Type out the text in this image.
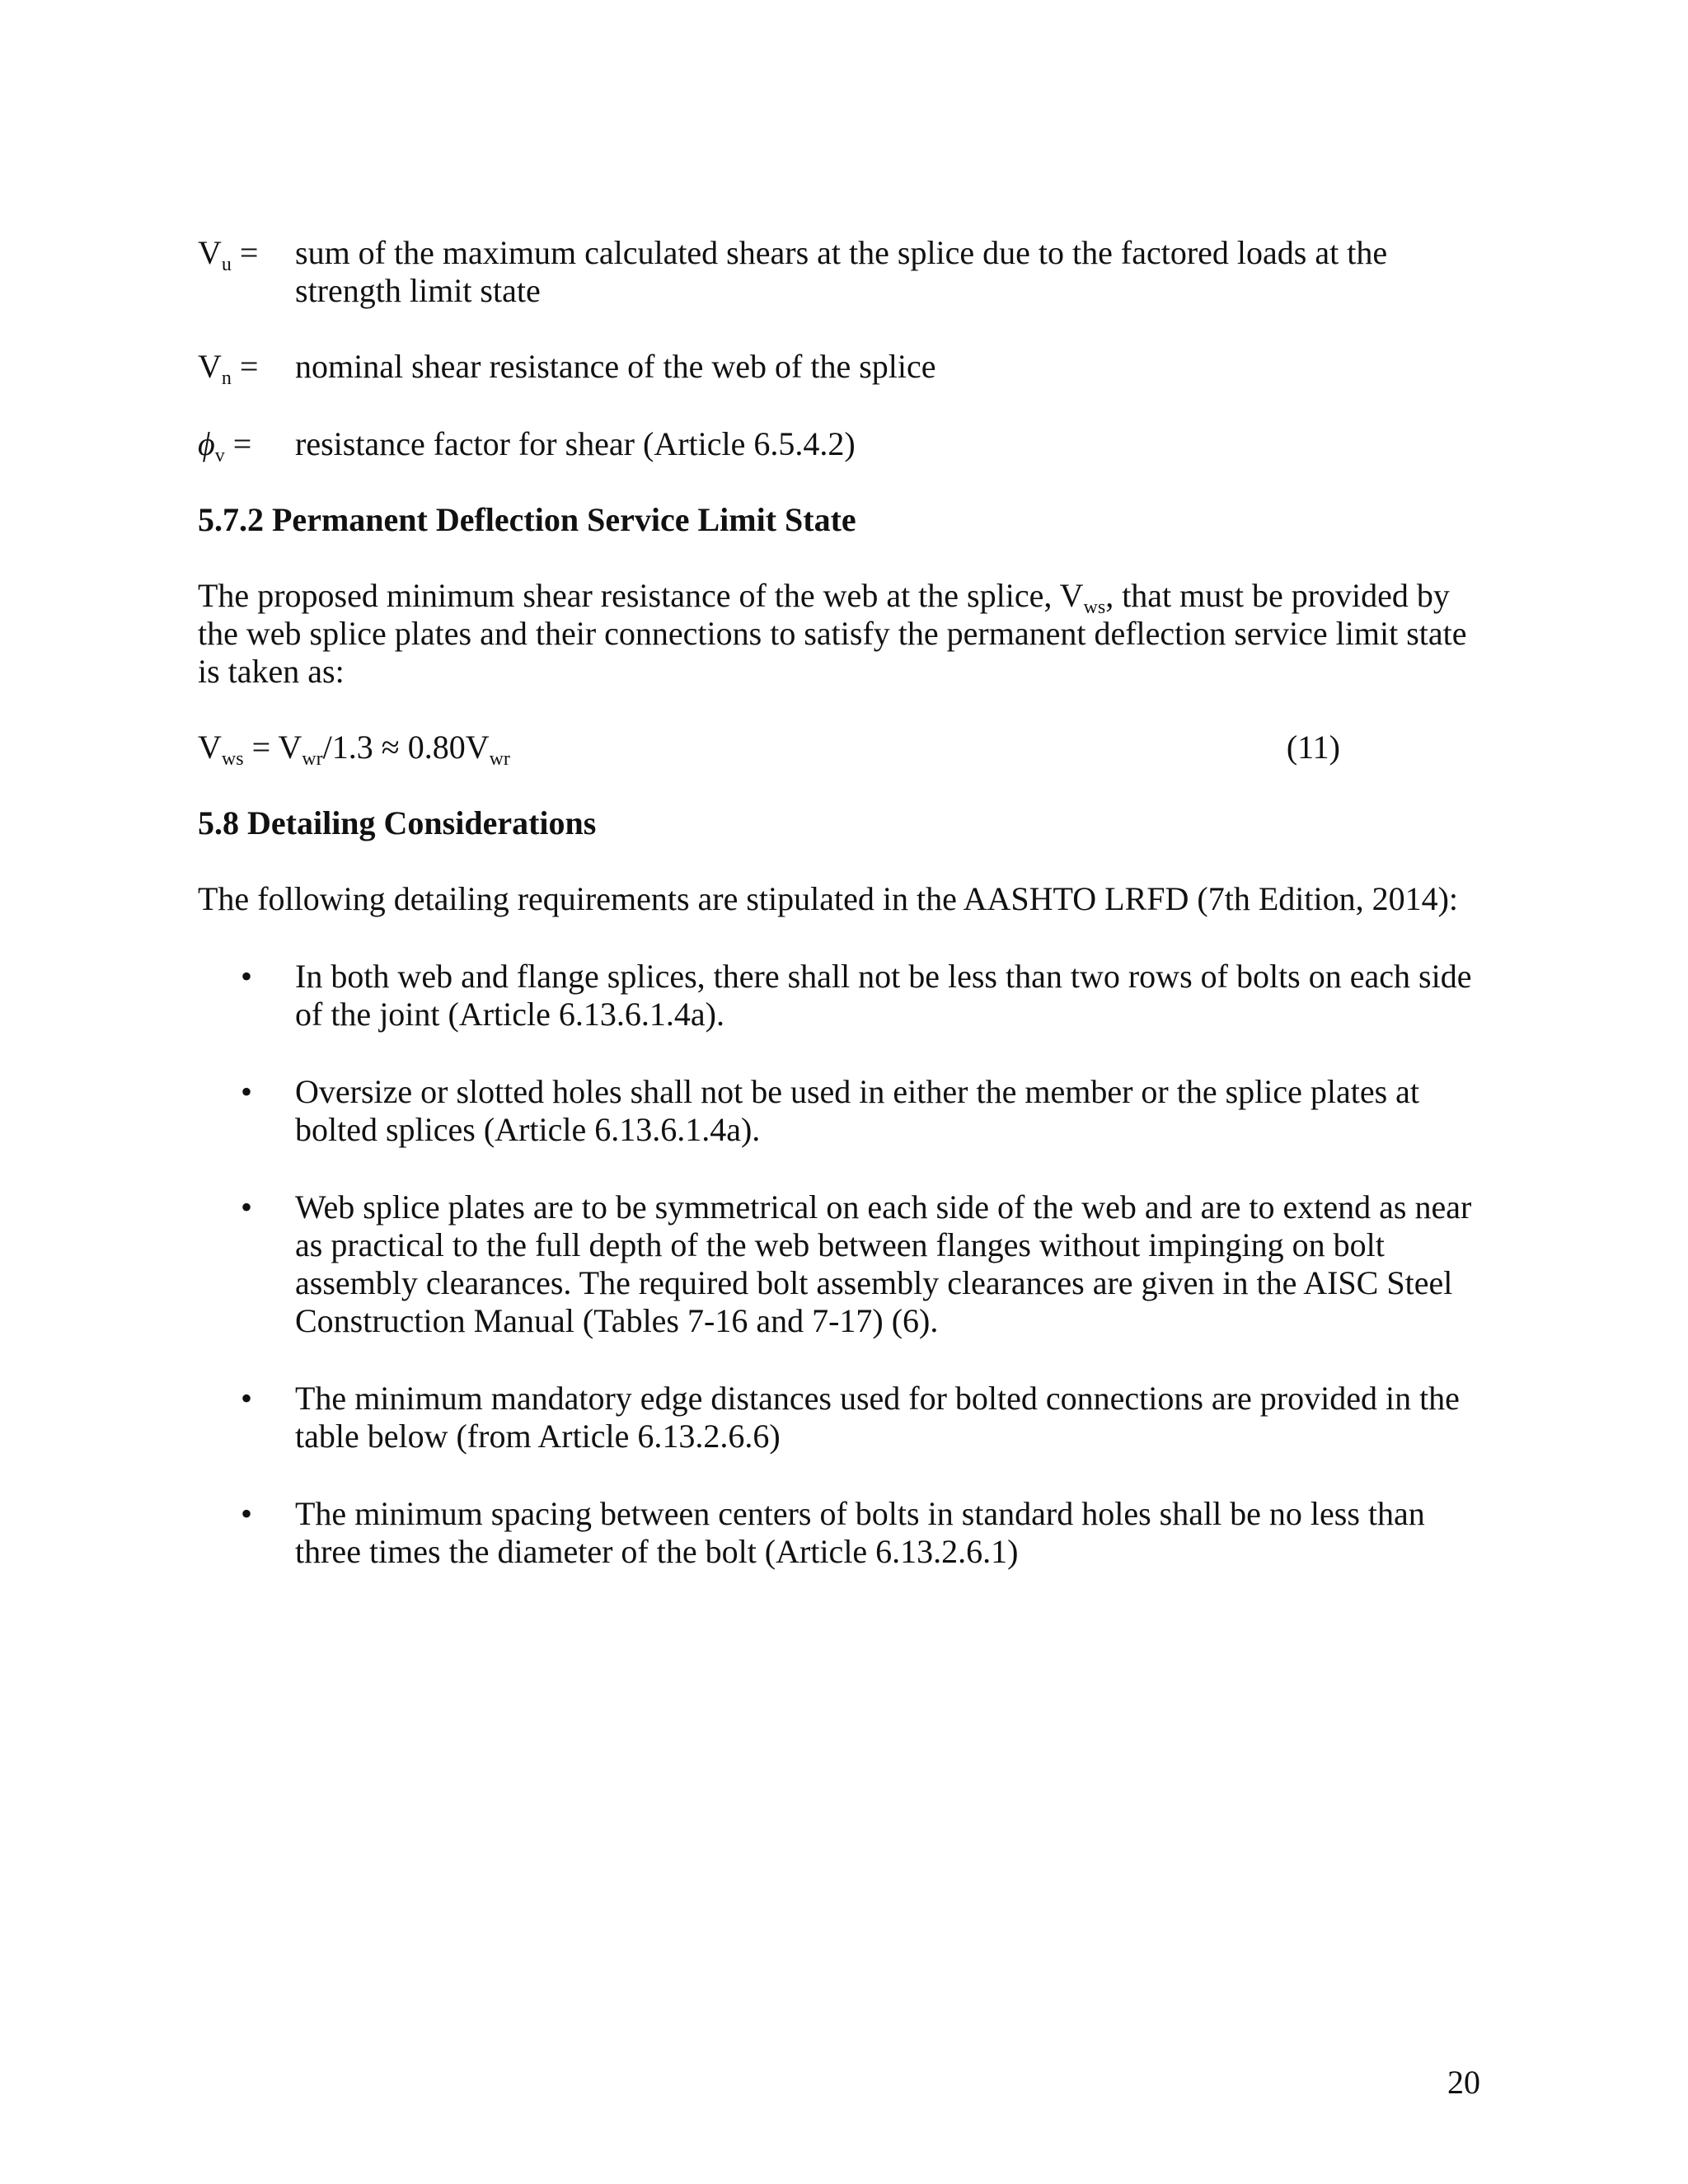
$V_u$ =	sum of the maximum calculated shears at the splice due to the factored loads at the strength limit state
$V_n$ =	nominal shear resistance of the web of the splice
$\phi_v$ =	resistance factor for shear (Article 6.5.4.2)
5.7.2 Permanent Deflection Service Limit State
The proposed minimum shear resistance of the web at the splice, $V_{ws}$, that must be provided by the web splice plates and their connections to satisfy the permanent deflection service limit state is taken as:
$V_{ws} = V_{wr}/1.3 \approx 0.80V_{wr}$	(11)
5.8 Detailing Considerations
The following detailing requirements are stipulated in the AASHTO LRFD (7th Edition, 2014):
• In both web and flange splices, there shall not be less than two rows of bolts on each side of the joint (Article 6.13.6.1.4a).
• Oversize or slotted holes shall not be used in either the member or the splice plates at bolted splices (Article 6.13.6.1.4a).
• Web splice plates are to be symmetrical on each side of the web and are to extend as near as practical to the full depth of the web between flanges without impinging on bolt assembly clearances. The required bolt assembly clearances are given in the AISC Steel Construction Manual (Tables 7-16 and 7-17) (6).
• The minimum mandatory edge distances used for bolted connections are provided in the table below (from Article 6.13.2.6.6)
• The minimum spacing between centers of bolts in standard holes shall be no less than three times the diameter of the bolt (Article 6.13.2.6.1)
20
